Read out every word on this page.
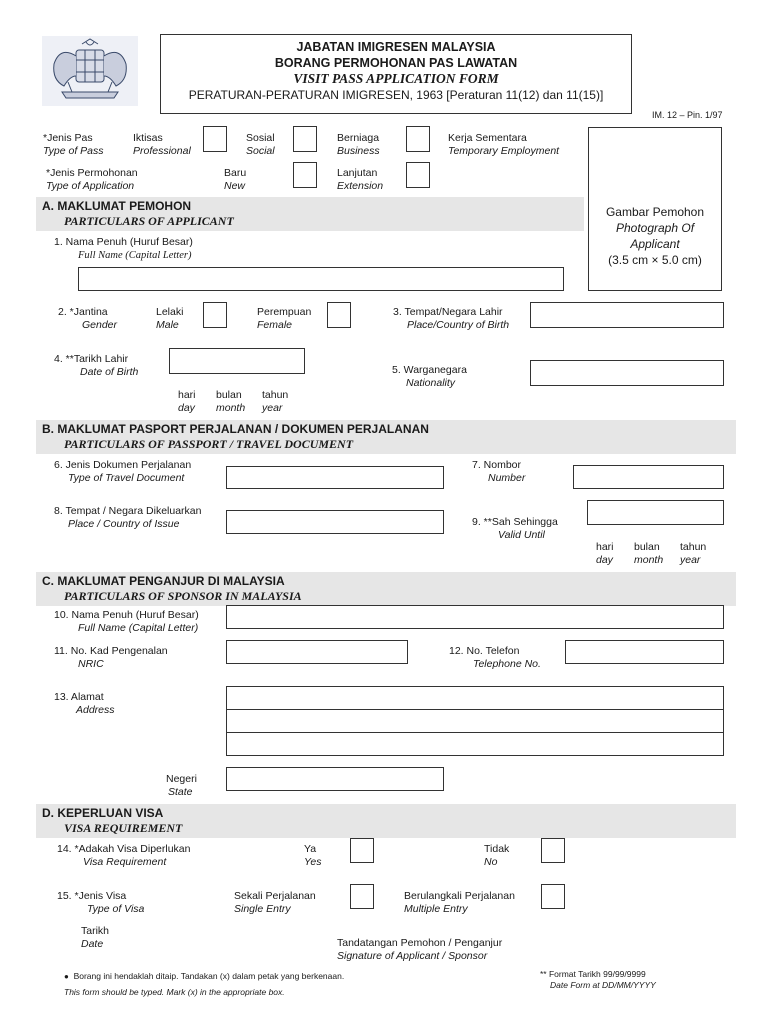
JABATAN IMIGRESEN MALAYSIA
BORANG PERMOHONAN PAS LAWATAN
VISIT PASS APPLICATION FORM
PERATURAN-PERATURAN IMIGRESEN, 1963 [Peraturan 11(12) dan 11(15)]
IM. 12 – Pin. 1/97
Gambar Pemohon
Photograph Of
Applicant
(3.5 cm × 5.0 cm)
*Jenis Pas
Type of Pass
Iktisas
Professional
Sosial
Social
Berniaga
Business
Kerja Sementara
Temporary Employment
*Jenis Permohonan
Type of Application
Baru
New
Lanjutan
Extension
A. MAKLUMAT PEMOHON
PARTICULARS OF APPLICANT
1. Nama Penuh (Huruf Besar)
Full Name (Capital Letter)
2. *Jantina
Gender
Lelaki
Male
Perempuan
Female
3. Tempat/Negara Lahir
Place/Country of Birth
4. **Tarikh Lahir
Date of Birth
hari
day
bulan
month
tahun
year
5. Warganegara
Nationality
B. MAKLUMAT PASPORT PERJALANAN / DOKUMEN PERJALANAN
PARTICULARS OF PASSPORT / TRAVEL DOCUMENT
6. Jenis Dokumen Perjalanan
Type of Travel Document
7. Nombor
Number
8. Tempat / Negara Dikeluarkan
Place / Country of Issue	9. **Sah Sehingga
Valid Until
hari
day
bulan
month
tahun
year
C. MAKLUMAT PENGANJUR DI MALAYSIA
PARTICULARS OF SPONSOR IN MALAYSIA
10. Nama Penuh (Huruf Besar)
Full Name (Capital Letter)
11. No. Kad Pengenalan
NRIC
12. No. Telefon
Telephone No.
13. Alamat
Address
Negeri
State
D. KEPERLUAN VISA
VISA REQUIREMENT
14. *Adakah Visa Diperlukan
Visa Requirement
Ya
Yes
Tidak
No
15. *Jenis Visa
Type of Visa
Sekali Perjalanan
Single Entry
Berulangkali Perjalanan
Multiple Entry
Tarikh
Date	Tandatangan Pemohon / Penganjur
Signature of Applicant / Sponsor
● Borang ini hendaklah ditaip. Tandakan (x) dalam petak yang berkenaan.
This form should be typed. Mark (x) in the appropriate box.
** Format Tarikh 99/99/9999
Date Form at DD/MM/YYYY
